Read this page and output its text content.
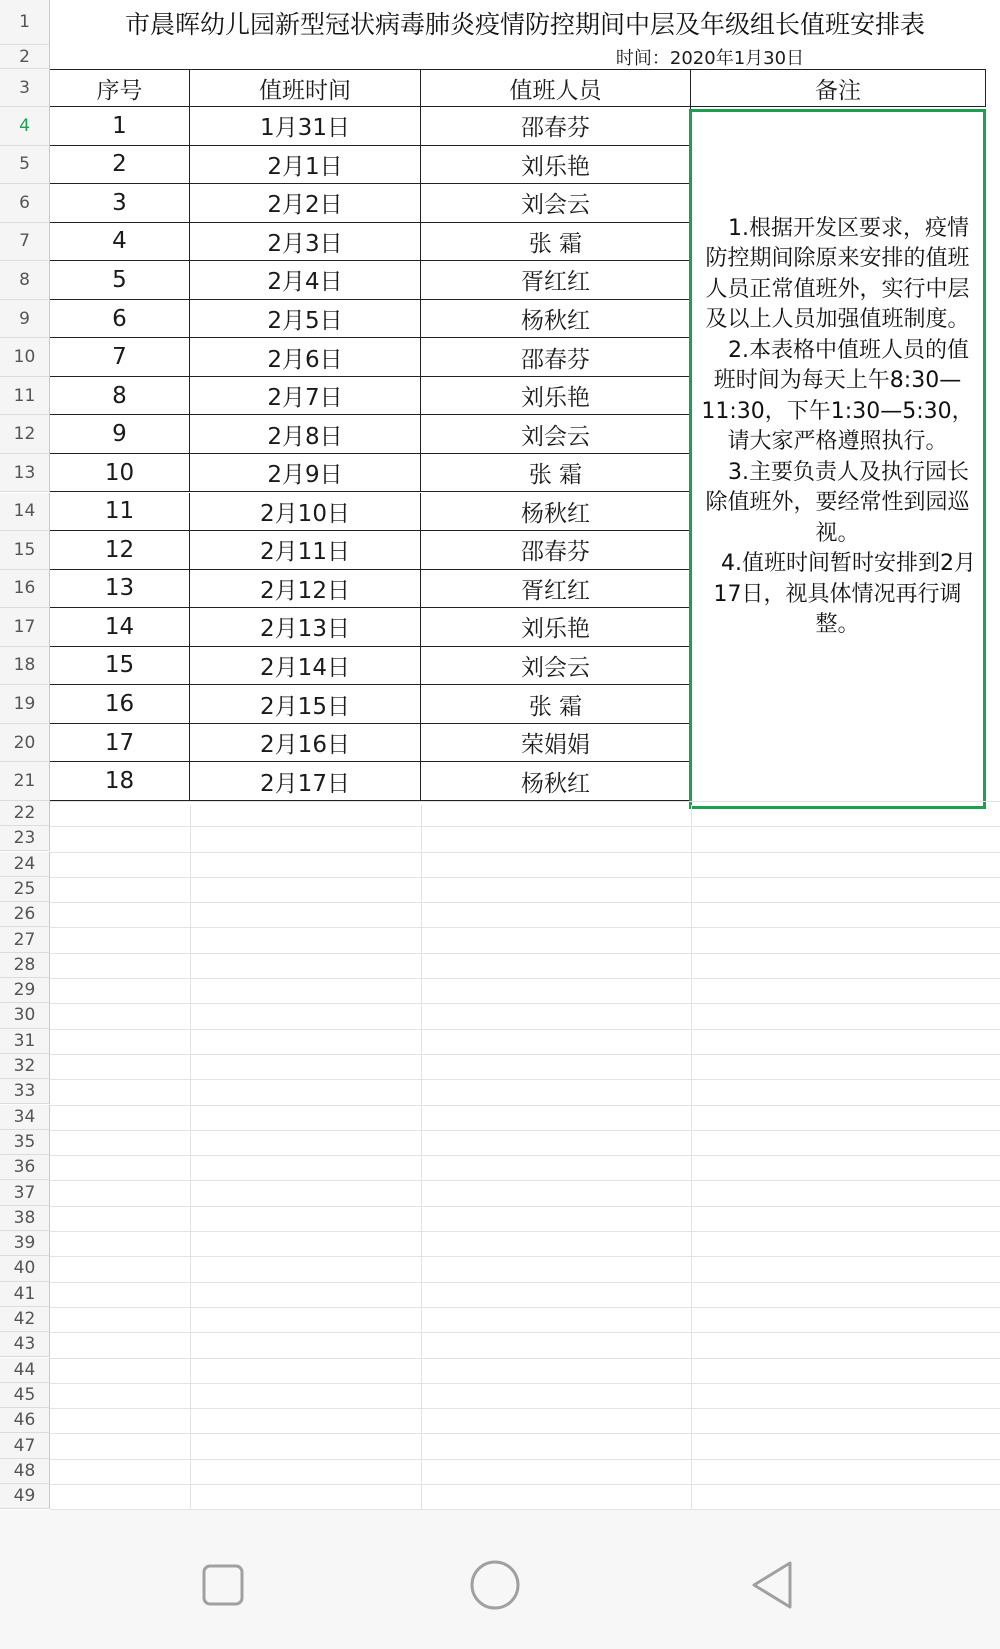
市晨晖幼儿园新型冠状病毒肺炎疫情防控期间中层及年级组长值班安排表
时间：2020年1月30日
序号	值班时间	值班人员	备注
1	1月31日	邵春芬
2	2月1日	刘乐艳
3	2月2日	刘会云
4	2月3日	张 霜
5	2月4日	胥红红
6	2月5日	杨秋红
7	2月6日	邵春芬
8	2月7日	刘乐艳
9	2月8日	刘会云
10	2月9日	张 霜
11	2月10日	杨秋红
12	2月11日	邵春芬
13	2月12日	胥红红
14	2月13日	刘乐艳
15	2月14日	刘会云
16	2月15日	张 霜
17	2月16日	荣娟娟
18	2月17日	杨秋红

1.根据开发区要求，疫情防控期间除原来安排的值班人员正常值班外，实行中层及以上人员加强值班制度。

2.本表格中值班人员的值班时间为每天上午8:30—11:30，下午1:30—5:30，请大家严格遵照执行。

3.主要负责人及执行园长除值班外，要经常性到园巡视。

4.值班时间暂时安排到2月17日，视具体情况再行调整。

1
2
3
4
5
6
7
8
9
10
11
12
13
14
15
16
17
18
19
20
21
22
23
24
25
26
27
28
29
30
31
32
33
34
35
36
37
38
39
40
41
42
43
44
45
46
47
48
49
